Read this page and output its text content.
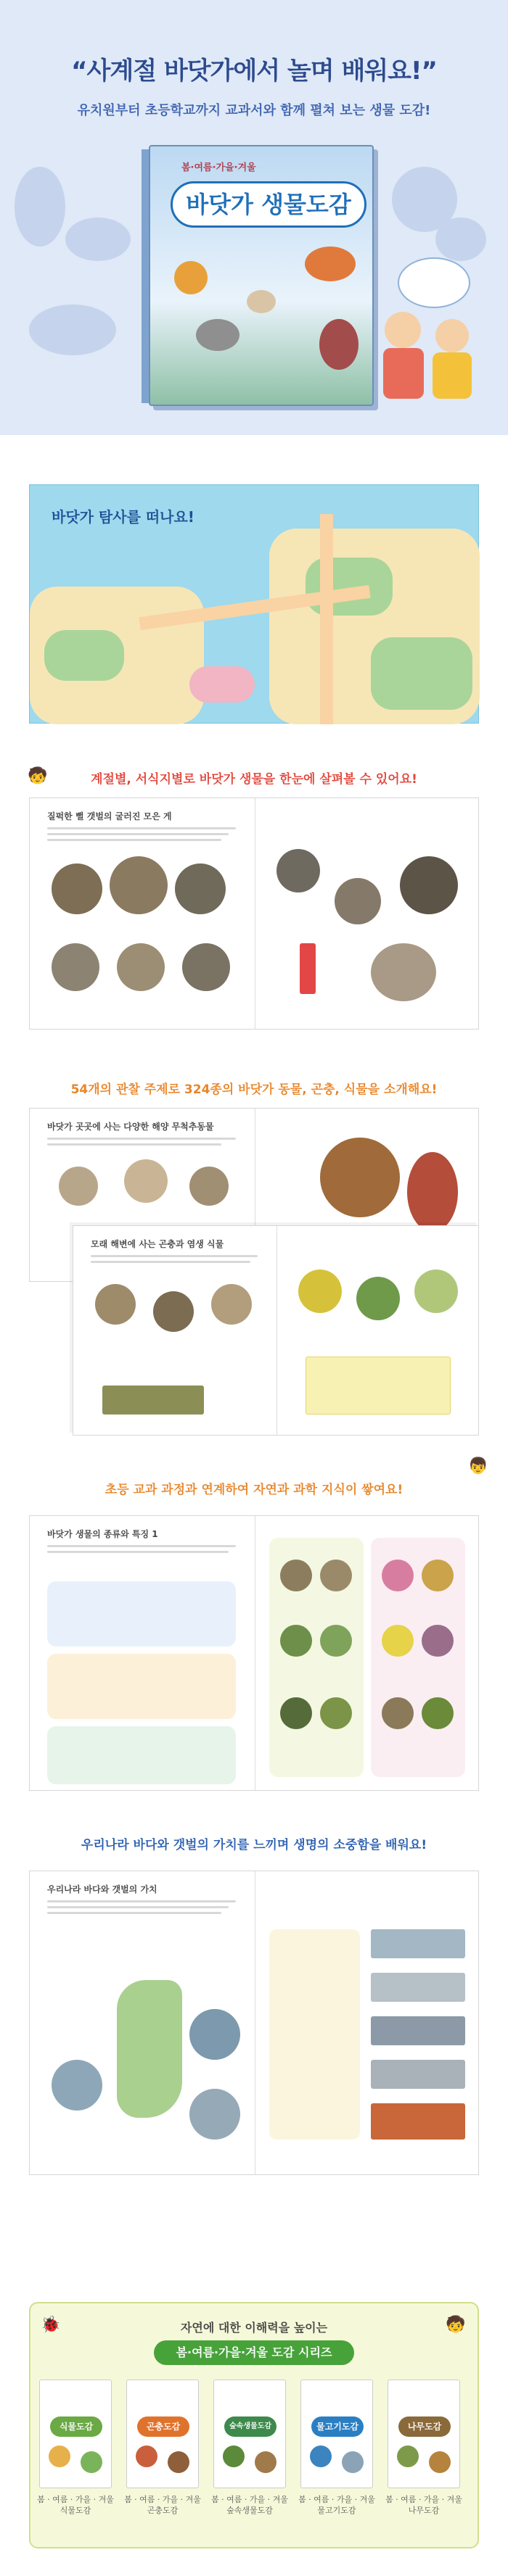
“사계절 바닷가에서 놀며 배워요!”
유치원부터 초등학교까지 교과서와 함께 펼쳐 보는 생물 도감!
봄·여름·가을·겨울
바닷가 생물도감
바닷가 탐사를 떠나요!
🧒	계절별, 서식지별로 바닷가 생물을 한눈에 살펴볼 수 있어요!
질퍽한 뻘 갯벌의 굴러진 모은 게
54개의 관찰 주제로 324종의 바닷가 동물, 곤충, 식물을 소개해요!
바닷가 곳곳에 사는 다양한 해양 무척추동물
모래 해변에 사는 곤충과 염생 식물
👦
초등 교과 과정과 연계하여 자연과 과학 지식이 쌓여요!
바닷가 생물의 종류와 특징 1
우리나라 바다와 갯벌의 가치를 느끼며 생명의 소중함을 배워요!
우리나라 바다와 갯벌의 가치
🐞	🧒
자연에 대한 이해력을 높이는
봄·여름·가을·겨울 도감 시리즈
식물도감	곤충도감	숲속생물도감	물고기도감	나무도감
봄 · 여름 · 가을 · 겨울
식물도감
봄 · 여름 · 가을 · 겨울
곤충도감
봄 · 여름 · 가을 · 겨울
숲속생물도감
봄 · 여름 · 가을 · 겨울
물고기도감
봄 · 여름 · 가을 · 겨울
나무도감
